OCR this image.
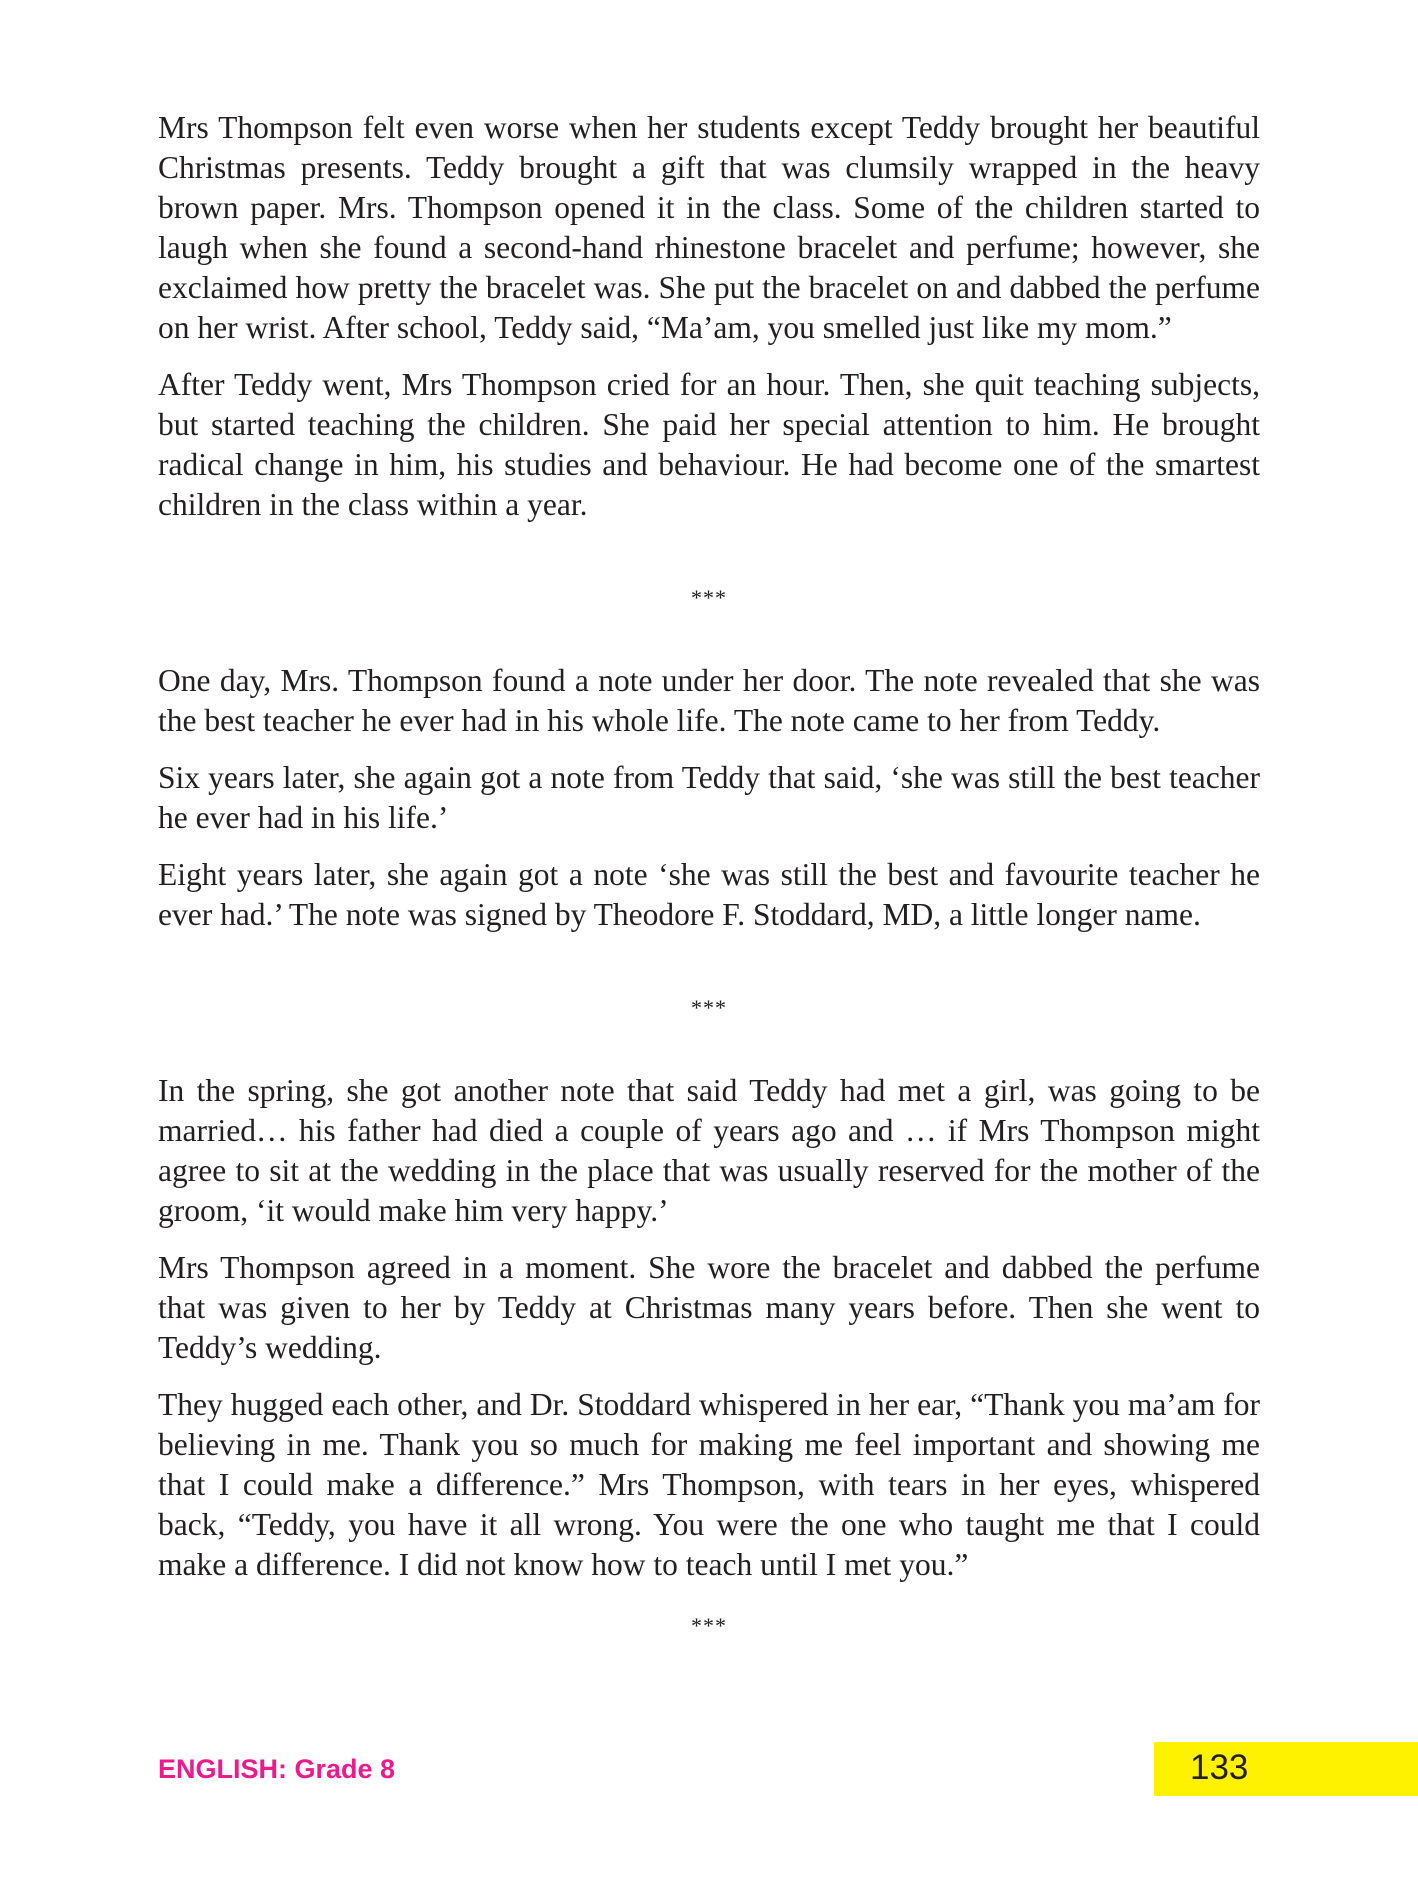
Mrs Thompson felt even worse when her students except Teddy brought her beautiful Christmas presents. Teddy brought a gift that was clumsily wrapped in the heavy brown paper. Mrs. Thompson opened it in the class. Some of the children started to laugh when she found a second-hand rhinestone bracelet and perfume; however, she exclaimed how pretty the bracelet was. She put the bracelet on and dabbed the perfume on her wrist. After school, Teddy said, “Ma’am, you smelled just like my mom.”

After Teddy went, Mrs Thompson cried for an hour. Then, she quit teaching subjects, but started teaching the children. She paid her special attention to him. He brought radical change in him, his studies and behaviour. He had become one of the smartest children in the class within a year.

***

One day, Mrs. Thompson found a note under her door. The note revealed that she was the best teacher he ever had in his whole life. The note came to her from Teddy.

Six years later, she again got a note from Teddy that said, ‘she was still the best teacher he ever had in his life.’

Eight years later, she again got a note ‘she was still the best and favourite teacher he ever had.’ The note was signed by Theodore F. Stoddard, MD, a little longer name.

***

In the spring, she got another note that said Teddy had met a girl, was going to be married… his father had died a couple of years ago and … if Mrs Thompson might agree to sit at the wedding in the place that was usually reserved for the mother of the groom, ‘it would make him very happy.’

Mrs Thompson agreed in a moment. She wore the bracelet and dabbed the perfume that was given to her by Teddy at Christmas many years before. Then she went to Teddy’s wedding.

They hugged each other, and Dr. Stoddard whispered in her ear, “Thank you ma’am for believing in me. Thank you so much for making me feel important and showing me that I could make a difference.” Mrs Thompson, with tears in her eyes, whispered back, “Teddy, you have it all wrong. You were the one who taught me that I could make a difference. I did not know how to teach until I met you.”

***
ENGLISH: Grade 8	133
